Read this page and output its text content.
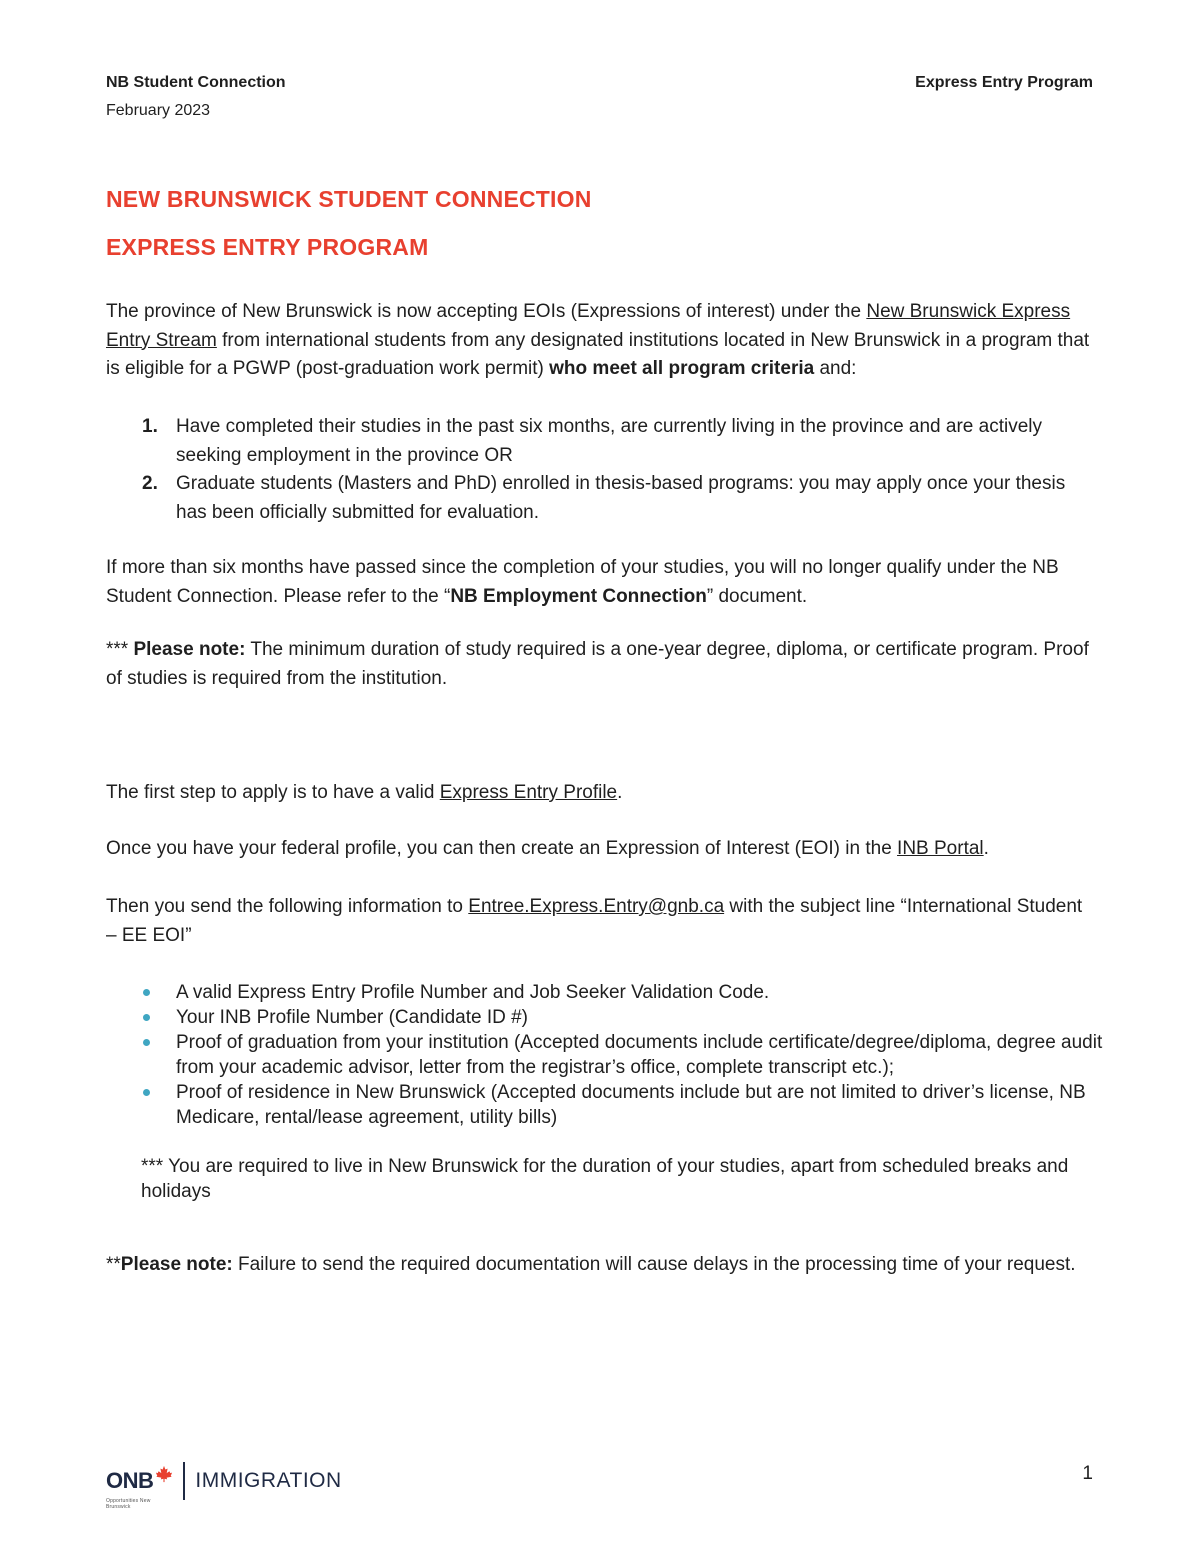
NB Student Connection
February 2023
Express Entry Program
NEW BRUNSWICK STUDENT CONNECTION
EXPRESS ENTRY PROGRAM
The province of New Brunswick is now accepting EOIs (Expressions of interest) under the New Brunswick Express Entry Stream from international students from any designated institutions located in New Brunswick in a program that is eligible for a PGWP (post-graduation work permit) who meet all program criteria and:
1. Have completed their studies in the past six months, are currently living in the province and are actively seeking employment in the province OR
2. Graduate students (Masters and PhD) enrolled in thesis-based programs: you may apply once your thesis has been officially submitted for evaluation.
If more than six months have passed since the completion of your studies, you will no longer qualify under the NB Student Connection. Please refer to the “NB Employment Connection” document.
*** Please note: The minimum duration of study required is a one-year degree, diploma, or certificate program. Proof of studies is required from the institution.
The first step to apply is to have a valid Express Entry Profile.
Once you have your federal profile, you can then create an Expression of Interest (EOI) in the INB Portal.
Then you send the following information to Entree.Express.Entry@gnb.ca with the subject line “International Student – EE EOI”
A valid Express Entry Profile Number and Job Seeker Validation Code.
Your INB Profile Number (Candidate ID #)
Proof of graduation from your institution (Accepted documents include certificate/degree/diploma, degree audit from your academic advisor, letter from the registrar’s office, complete transcript etc.);
Proof of residence in New Brunswick (Accepted documents include but are not limited to driver’s license, NB Medicare, rental/lease agreement, utility bills)
*** You are required to live in New Brunswick for the duration of your studies, apart from scheduled breaks and holidays
**Please note: Failure to send the required documentation will cause delays in the processing time of your request.
ONB
Opportunities New Brunswick
IMMIGRATION	1
